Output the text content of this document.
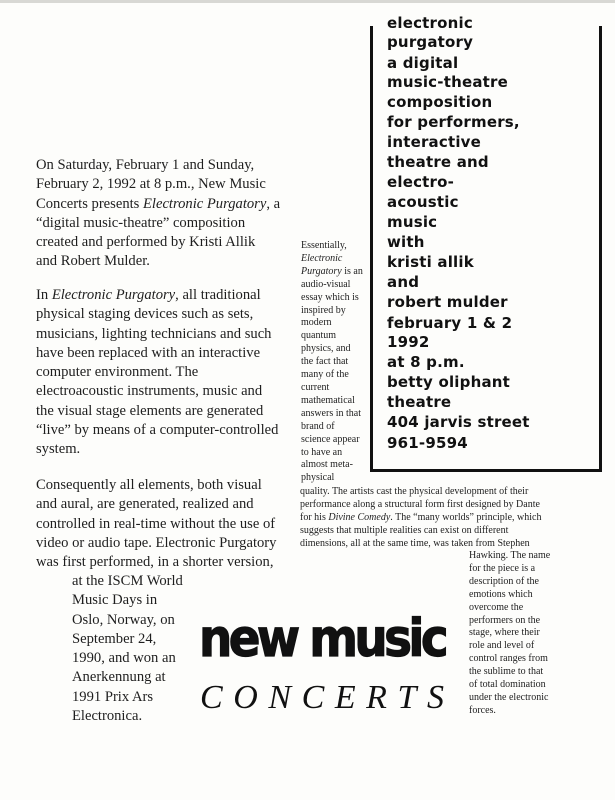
electronic
purgatory
a digital
music-theatre
composition
for performers,
interactive
theatre and
electro-
acoustic
music
with
kristi allik
and
robert mulder
february 1 & 2
1992
at 8 p.m.
betty oliphant
theatre
404 jarvis street
961-9594
On Saturday, February 1 and Sunday,
February 2, 1992 at 8 p.m., New Music
Concerts presents Electronic Purgatory, a
“digital music-theatre” composition
created and performed by Kristi Allik
and Robert Mulder.
In Electronic Purgatory, all traditional
physical staging devices such as sets,
musicians, lighting technicians and such
have been replaced with an interactive
computer environment. The
electroacoustic instruments, music and
the visual stage elements are generated
“live” by means of a computer-controlled
system.
Consequently all elements, both visual
and aural, are generated, realized and
controlled in real-time without the use of
video or audio tape. Electronic Purgatory
was first performed, in a shorter version,
at the ISCM World
Music Days in
Oslo, Norway, on
September 24,
1990, and won an
Anerkennung at
1991 Prix Ars
Electronica.
Essentially,
Electronic
Purgatory is an
audio-visual
essay which is
inspired by
modern
quantum
physics, and
the fact that
many of the
current
mathematical
answers in that
brand of
science appear
to have an
almost meta-
physical
quality. The artists cast the physical development of their
performance along a structural form first designed by Dante
for his Divine Comedy. The “many worlds” principle, which
suggests that multiple realities can exist on different
dimensions, all at the same time, was taken from Stephen
Hawking. The name
for the piece is a
description of the
emotions which
overcome the
performers on the
stage, where their
role and level of
control ranges from
the sublime to that
of total domination
under the electronic
forces.
new music
CONCERTS
